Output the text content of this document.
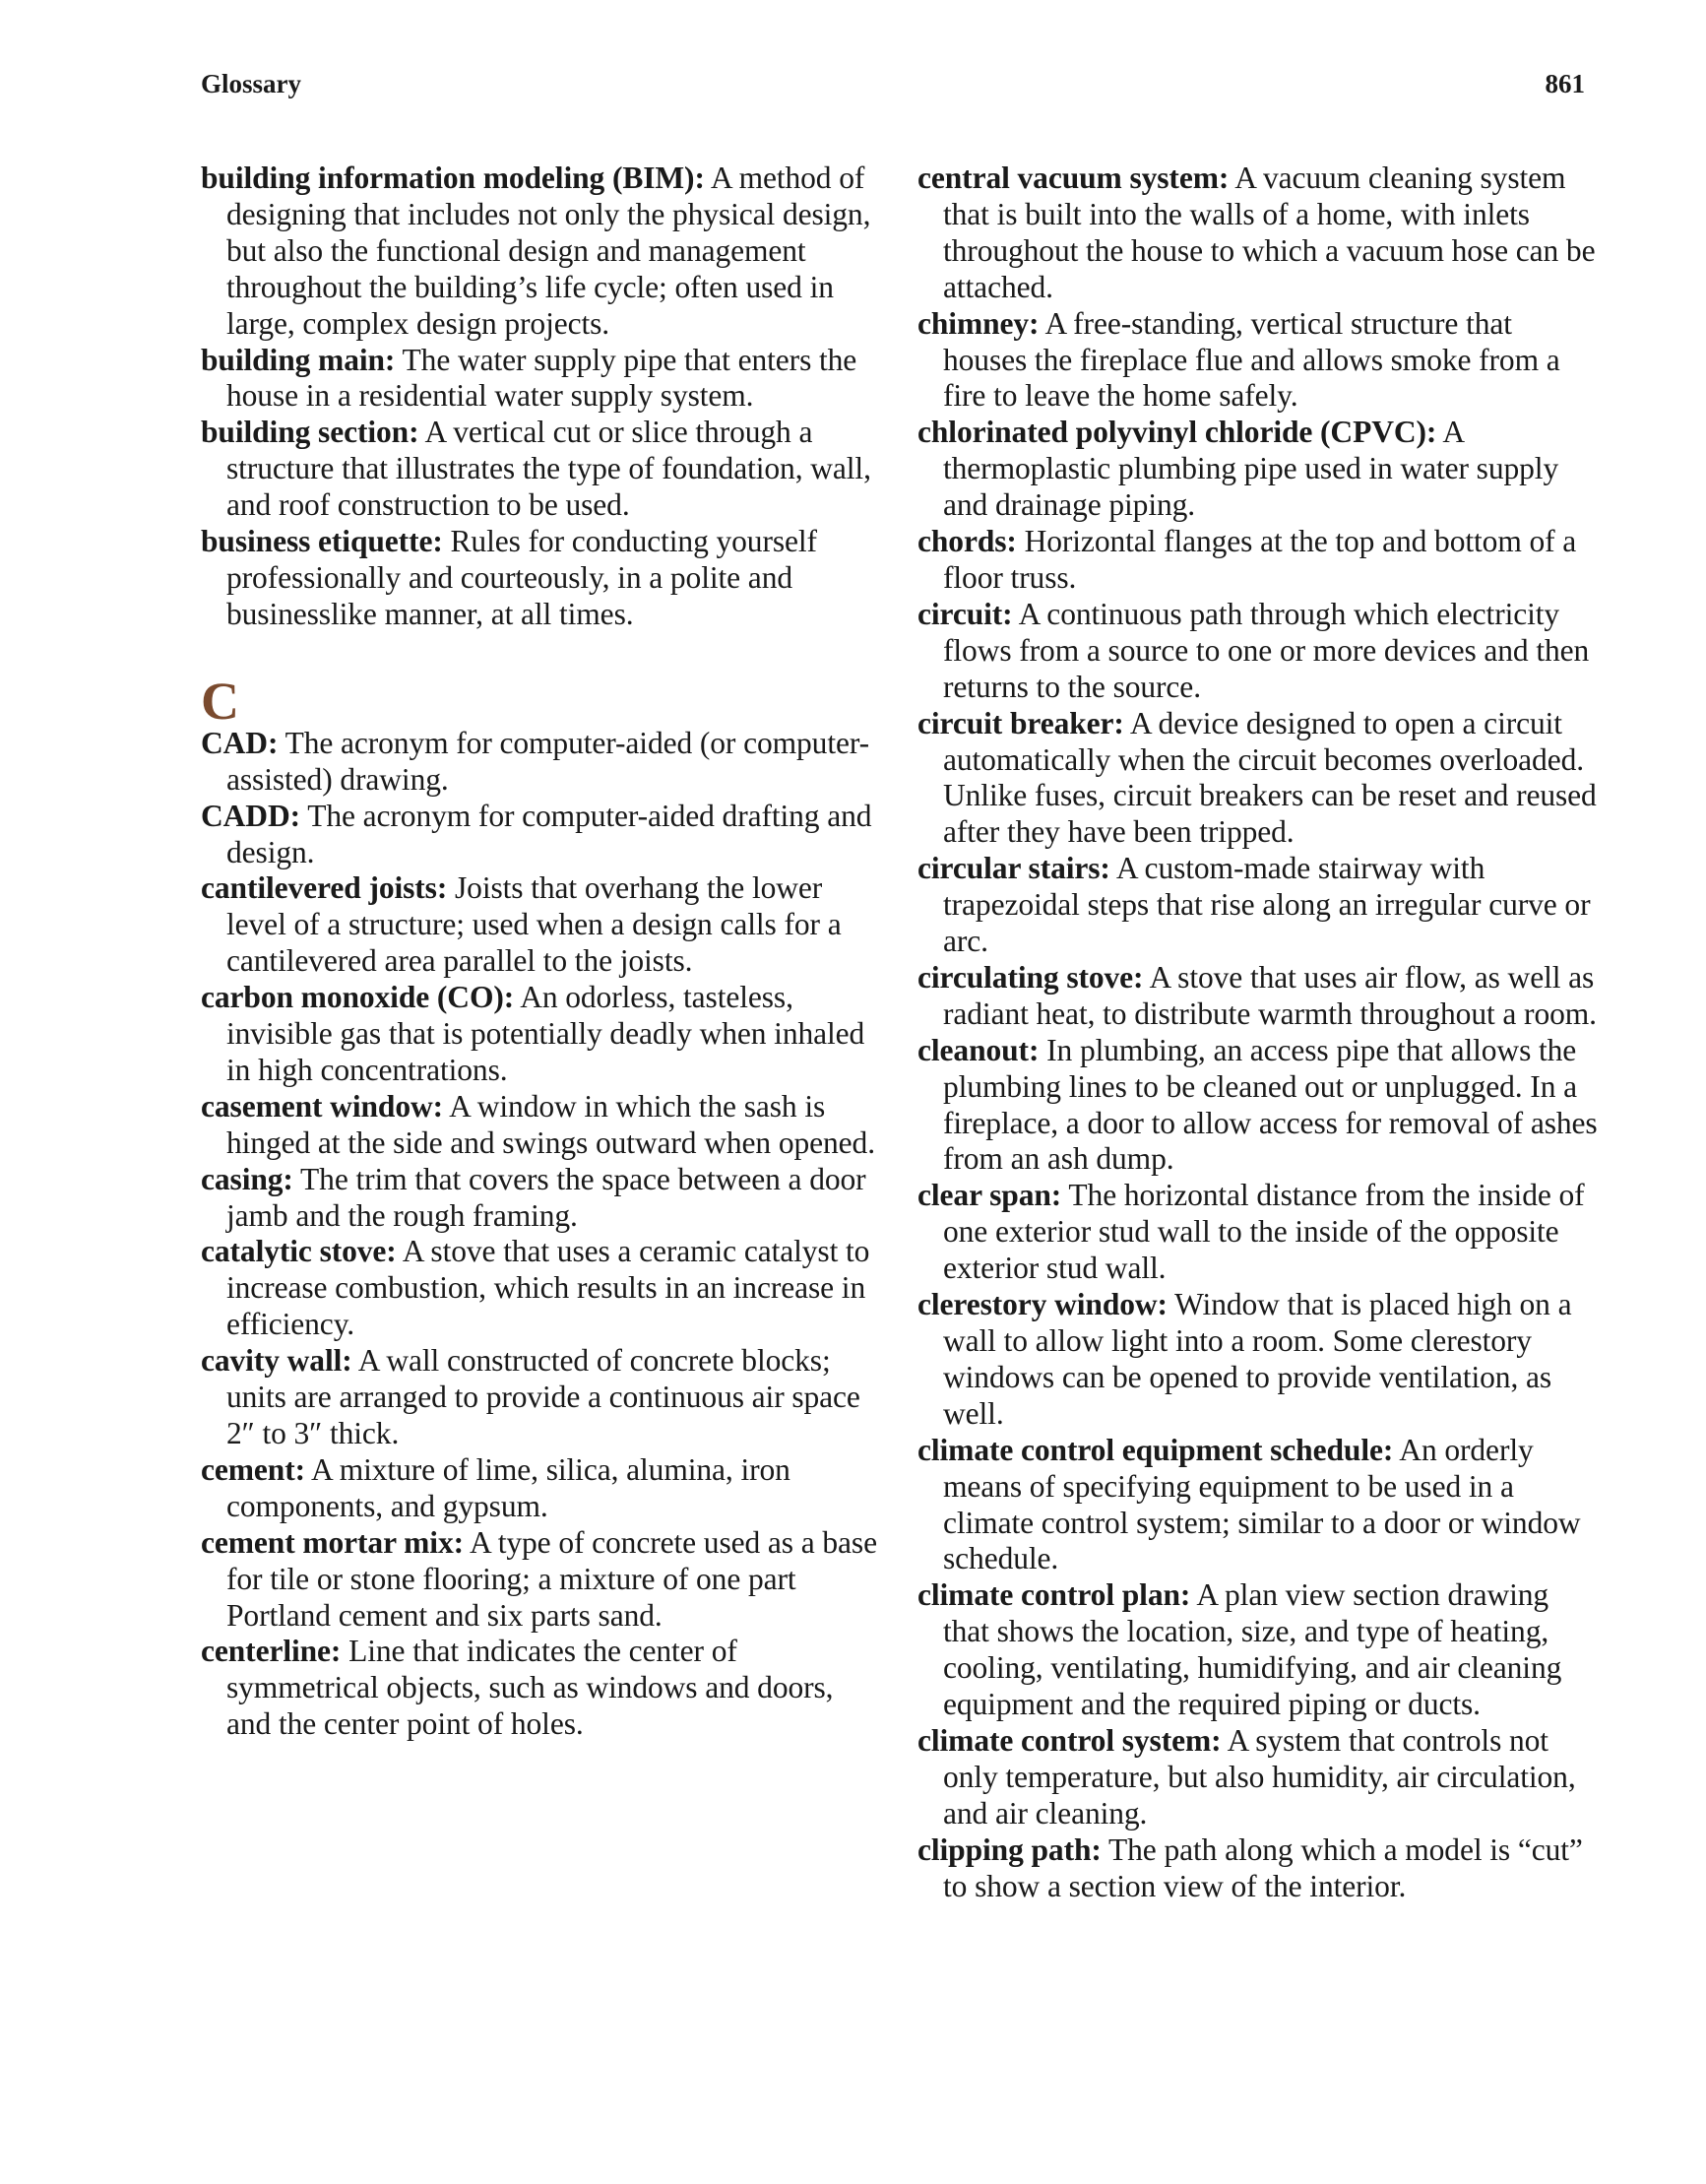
Glossary	861

building information modeling (BIM): A method of designing that includes not only the physical design, but also the functional design and management throughout the building’s life cycle; often used in large, complex design projects.

building main: The water supply pipe that enters the house in a residential water supply system.

building section: A vertical cut or slice through a structure that illustrates the type of foundation, wall, and roof construction to be used.

business etiquette: Rules for conducting yourself professionally and courteously, in a polite and businesslike manner, at all times.

C

CAD: The acronym for computer-aided (or computer-assisted) drawing.

CADD: The acronym for computer-aided drafting and design.

cantilevered joists: Joists that overhang the lower level of a structure; used when a design calls for a cantilevered area parallel to the joists.

carbon monoxide (CO): An odorless, tasteless, invisible gas that is potentially deadly when inhaled in high concentrations.

casement window: A window in which the sash is hinged at the side and swings outward when opened.

casing: The trim that covers the space between a door jamb and the rough framing.

catalytic stove: A stove that uses a ceramic catalyst to increase combustion, which results in an increase in efficiency.

cavity wall: A wall constructed of concrete blocks; units are arranged to provide a continuous air space 2″ to 3″ thick.

cement: A mixture of lime, silica, alumina, iron components, and gypsum.

cement mortar mix: A type of concrete used as a base for tile or stone flooring; a mixture of one part Portland cement and six parts sand.

centerline: Line that indicates the center of symmetrical objects, such as windows and doors, and the center point of holes.

central vacuum system: A vacuum cleaning system that is built into the walls of a home, with inlets throughout the house to which a vacuum hose can be attached.

chimney: A free-standing, vertical structure that houses the fireplace flue and allows smoke from a fire to leave the home safely.

chlorinated polyvinyl chloride (CPVC): A thermoplastic plumbing pipe used in water supply and drainage piping.

chords: Horizontal flanges at the top and bottom of a floor truss.

circuit: A continuous path through which electricity flows from a source to one or more devices and then returns to the source.

circuit breaker: A device designed to open a circuit automatically when the circuit becomes overloaded. Unlike fuses, circuit breakers can be reset and reused after they have been tripped.

circular stairs: A custom-made stairway with trapezoidal steps that rise along an irregular curve or arc.

circulating stove: A stove that uses air flow, as well as radiant heat, to distribute warmth throughout a room.

cleanout: In plumbing, an access pipe that allows the plumbing lines to be cleaned out or unplugged. In a fireplace, a door to allow access for removal of ashes from an ash dump.

clear span: The horizontal distance from the inside of one exterior stud wall to the inside of the opposite exterior stud wall.

clerestory window: Window that is placed high on a wall to allow light into a room. Some clerestory windows can be opened to provide ventilation, as well.

climate control equipment schedule: An orderly means of specifying equipment to be used in a climate control system; similar to a door or window schedule.

climate control plan: A plan view section drawing that shows the location, size, and type of heating, cooling, ventilating, humidifying, and air cleaning equipment and the required piping or ducts.

climate control system: A system that controls not only temperature, but also humidity, air circulation, and air cleaning.

clipping path: The path along which a model is “cut” to show a section view of the interior.
